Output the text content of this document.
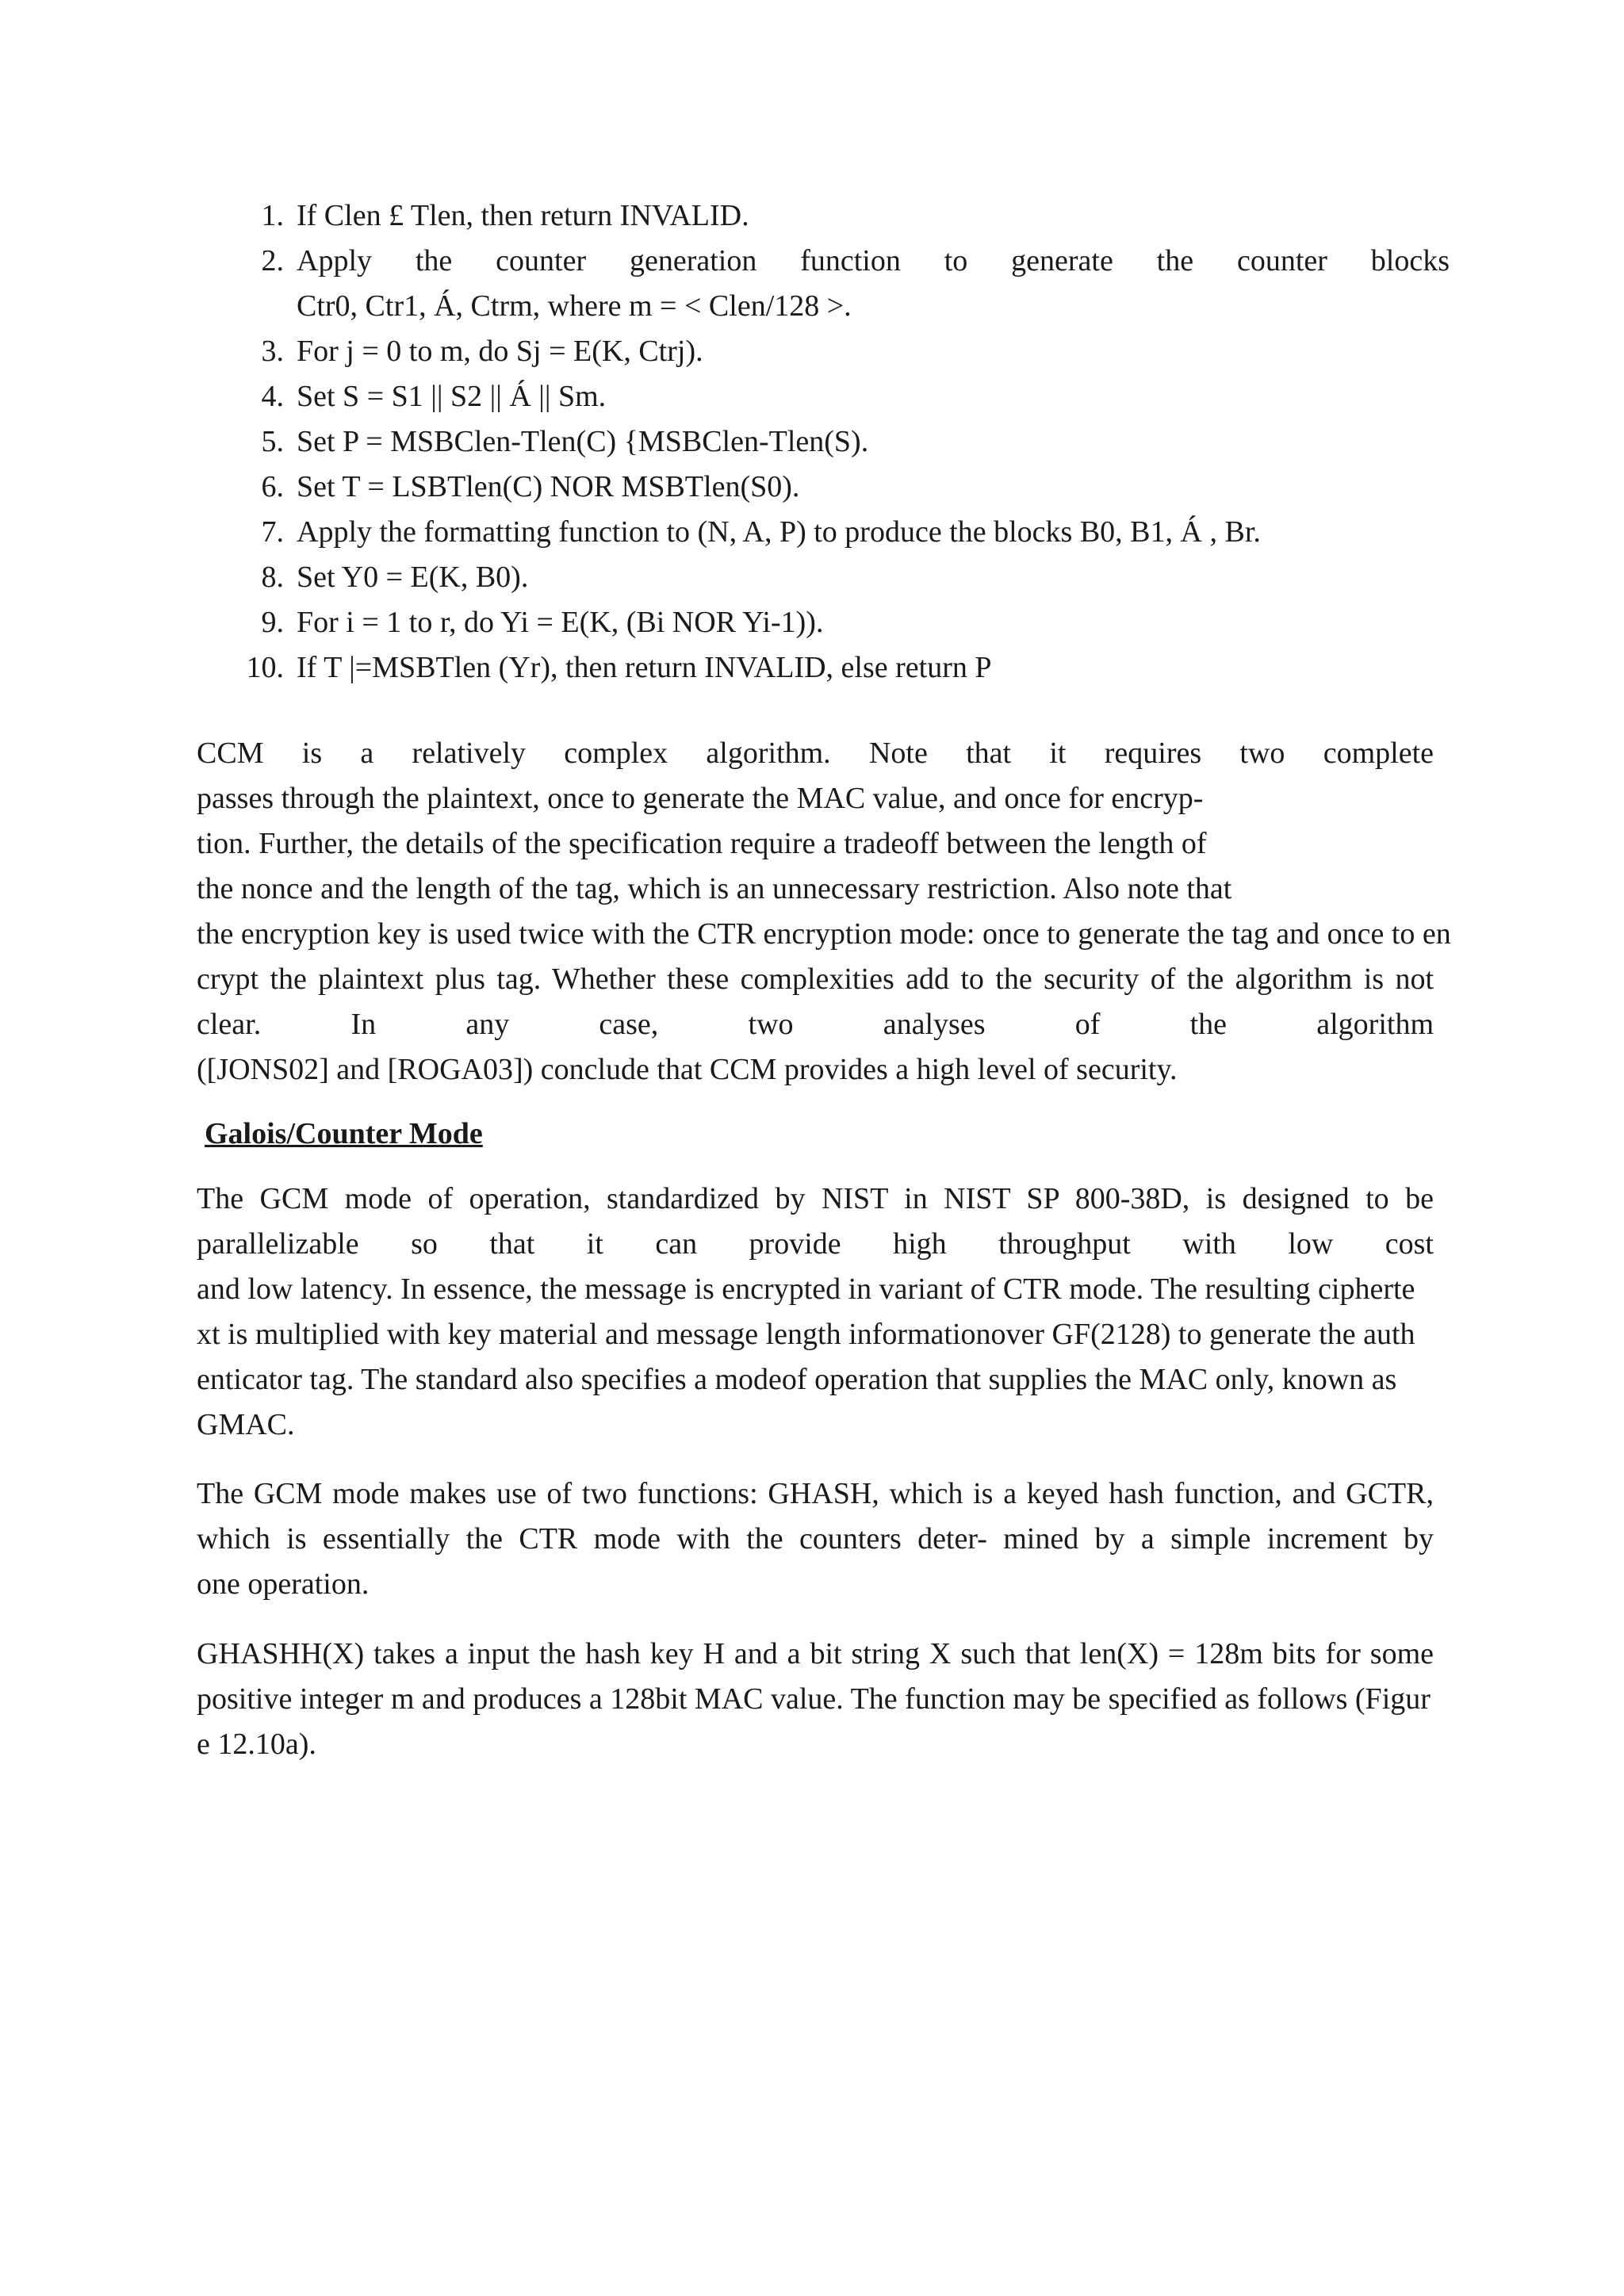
1. If Clen £ Tlen, then return INVALID.
2. Apply the counter generation function to generate the counter blocks
Ctr0, Ctr1, Á, Ctrm, where m = < Clen/128 >.
3. For j = 0 to m, do Sj = E(K, Ctrj).
4. Set S = S1 || S2 || Á || Sm.
5. Set P = MSBClen-Tlen(C) {MSBClen-Tlen(S).
6. Set T = LSBTlen(C) NOR MSBTlen(S0).
7. Apply the formatting function to (N, A, P) to produce the blocks B0, B1, Á , Br.
8. Set Y0 = E(K, B0).
9. For i = 1 to r, do Yi = E(K, (Bi NOR Yi-1)).
10. If T |=MSBTlen (Yr), then return INVALID, else return P

CCM is a relatively complex algorithm. Note that it requires two complete
passes through the plaintext, once to generate the MAC value, and once for encryp-
tion. Further, the details of the specification require a tradeoff between the length of
the nonce and the length of the tag, which is an unnecessary restriction. Also note that
the encryption key is used twice with the CTR encryption mode: once to generate the tag and once to en
crypt the plaintext plus tag. Whether these complexities add to the security of the algorithm is not
clear. In any case, two analyses of the algorithm
([JONS02] and [ROGA03]) conclude that CCM provides a high level of security.

Galois/Counter Mode

The GCM mode of operation, standardized by NIST in NIST SP 800-38D, is designed to be
parallelizable so that it can provide high throughput with low cost
and low latency. In essence, the message is encrypted in variant of CTR mode. The resulting cipherte
xt is multiplied with key material and message length informationover GF(2128) to generate the auth
enticator tag. The standard also specifies a modeof operation that supplies the MAC only, known as
GMAC.

The GCM mode makes use of two functions: GHASH, which is a keyed hash function, and GCTR,
which is essentially the CTR mode with the counters deter- mined by a simple increment by
one operation.

GHASHH(X) takes a input the hash key H and a bit string X such that len(X) = 128m bits for some
positive integer m and produces a 128bit MAC value. The function may be specified as follows (Figur
e 12.10a).
